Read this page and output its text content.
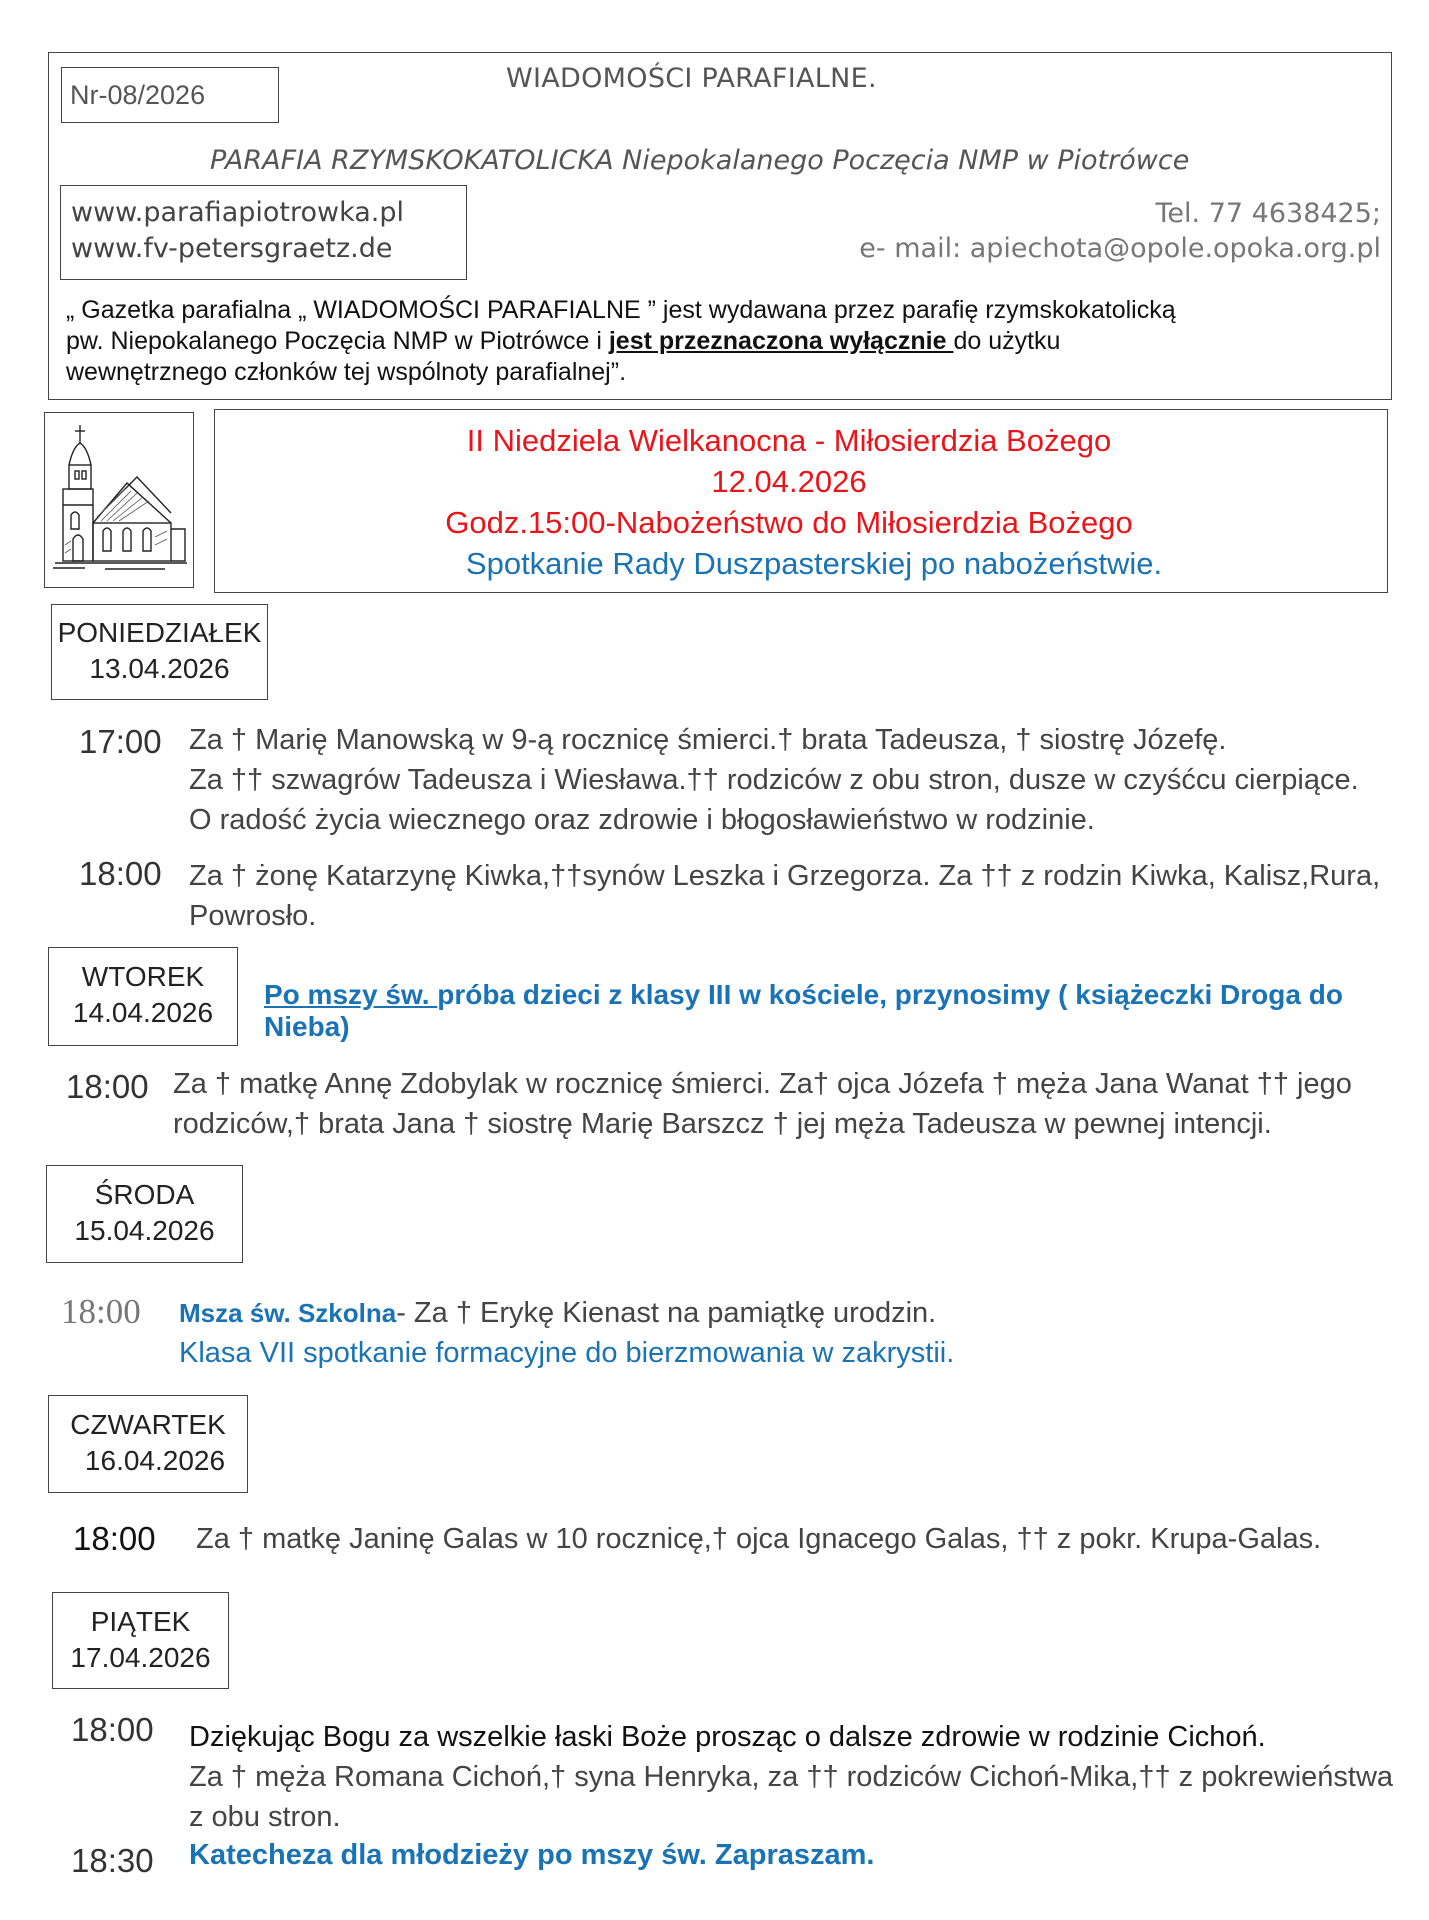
Nr-08/2026
WIADOMOŚCI PARAFIALNE.
PARAFIA RZYMSKOKATOLICKA Niepokalanego Poczęcia NMP w Piotrówce
www.parafiapiotrowka.pl
www.fv-petersgraetz.de
Tel. 77 4638425;
e- mail: apiechota@opole.opoka.org.pl
„ Gazetka parafialna „ WIADOMOŚCI PARAFIALNE ” jest wydawana przez parafię rzymskokatolicką
pw. Niepokalanego Poczęcia NMP w Piotrówce i jest przeznaczona wyłącznie do użytku
wewnętrznego członków tej wspólnoty parafialnej”.
II Niedziela Wielkanocna - Miłosierdzia Bożego
12.04.2026
Godz.15:00-Nabożeństwo do Miłosierdzia Bożego
Spotkanie Rady Duszpasterskiej po nabożeństwie.
PONIEDZIAŁEK
13.04.2026
17:00 Za † Marię Manowską w 9-ą rocznicę śmierci.† brata Tadeusza, † siostrę Józefę.
Za †† szwagrów Tadeusza i Wiesława.†† rodziców z obu stron, dusze w czyśćcu cierpiące.
O radość życia wiecznego oraz zdrowie i błogosławieństwo w rodzinie.
18:00 Za † żonę Katarzynę Kiwka,††synów Leszka i Grzegorza. Za †† z rodzin Kiwka, Kalisz,Rura,
Powrosło.
WTOREK
14.04.2026
Po mszy św. próba dzieci z klasy III w kościele, przynosimy ( książeczki Droga do Nieba)
18:00 Za † matkę Annę Zdobylak w rocznicę śmierci. Za† ojca Józefa † męża Jana Wanat †† jego
rodziców,† brata Jana † siostrę Marię Barszcz † jej męża Tadeusza w pewnej intencji.
ŚRODA
15.04.2026
18:00 Msza św. Szkolna- Za † Erykę Kienast na pamiątkę urodzin.
Klasa VII spotkanie formacyjne do bierzmowania w zakrystii.
CZWARTEK
16.04.2026
18:00 Za † matkę Janinę Galas w 10 rocznicę,† ojca Ignacego Galas, †† z pokr. Krupa-Galas.
PIĄTEK
17.04.2026
18:00 Dziękując Bogu za wszelkie łaski Boże prosząc o dalsze zdrowie w rodzinie Cichoń.
Za † męża Romana Cichoń,† syna Henryka, za †† rodziców Cichoń-Mika,†† z pokrewieństwa
z obu stron.
18:30 Katecheza dla młodzieży po mszy św. Zapraszam.
